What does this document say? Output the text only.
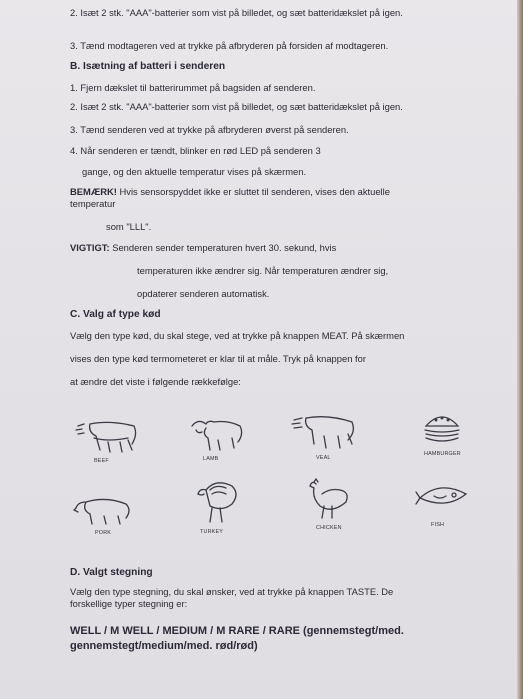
2. Isæt 2 stk. "AAA"-batterier som vist på billedet, og sæt batteridækslet på igen.
3. Tænd modtageren ved at trykke på afbryderen på forsiden af modtageren.
B. Isætning af batteri i senderen
1. Fjern dækslet til batterirummet på bagsiden af senderen.
2. Isæt 2 stk. "AAA"-batterier som vist på billedet, og sæt batteridækslet på igen.
3. Tænd senderen ved at trykke på afbryderen øverst på senderen.
4. Når senderen er tændt, blinker en rød LED på senderen 3
gange, og den aktuelle temperatur vises på skærmen.
BEMÆRK! Hvis sensorspyddet ikke er sluttet til senderen, vises den aktuelle
temperatur
som "LLL".
VIGTIGT: Senderen sender temperaturen hvert 30. sekund, hvis
temperaturen ikke ændrer sig. Når temperaturen ændrer sig,
opdaterer senderen automatisk.
C. Valg af type kød
Vælg den type kød, du skal stege, ved at trykke på knappen MEAT. På skærmen
vises den type kød termometeret er klar til at måle. Tryk på knappen for
at ændre det viste i følgende rækkefølge:
BEEF	LAMB	VEAL
HAMBURGER
PORK	TURKEY
CHICKEN	FISH
D. Valgt stegning
Vælg den type stegning, du skal ønsker, ved at trykke på knappen TASTE. De
forskellige typer stegning er:
WELL / M WELL / MEDIUM / M RARE / RARE (gennemstegt/med.
gennemstegt/medium/med. rød/rød)
